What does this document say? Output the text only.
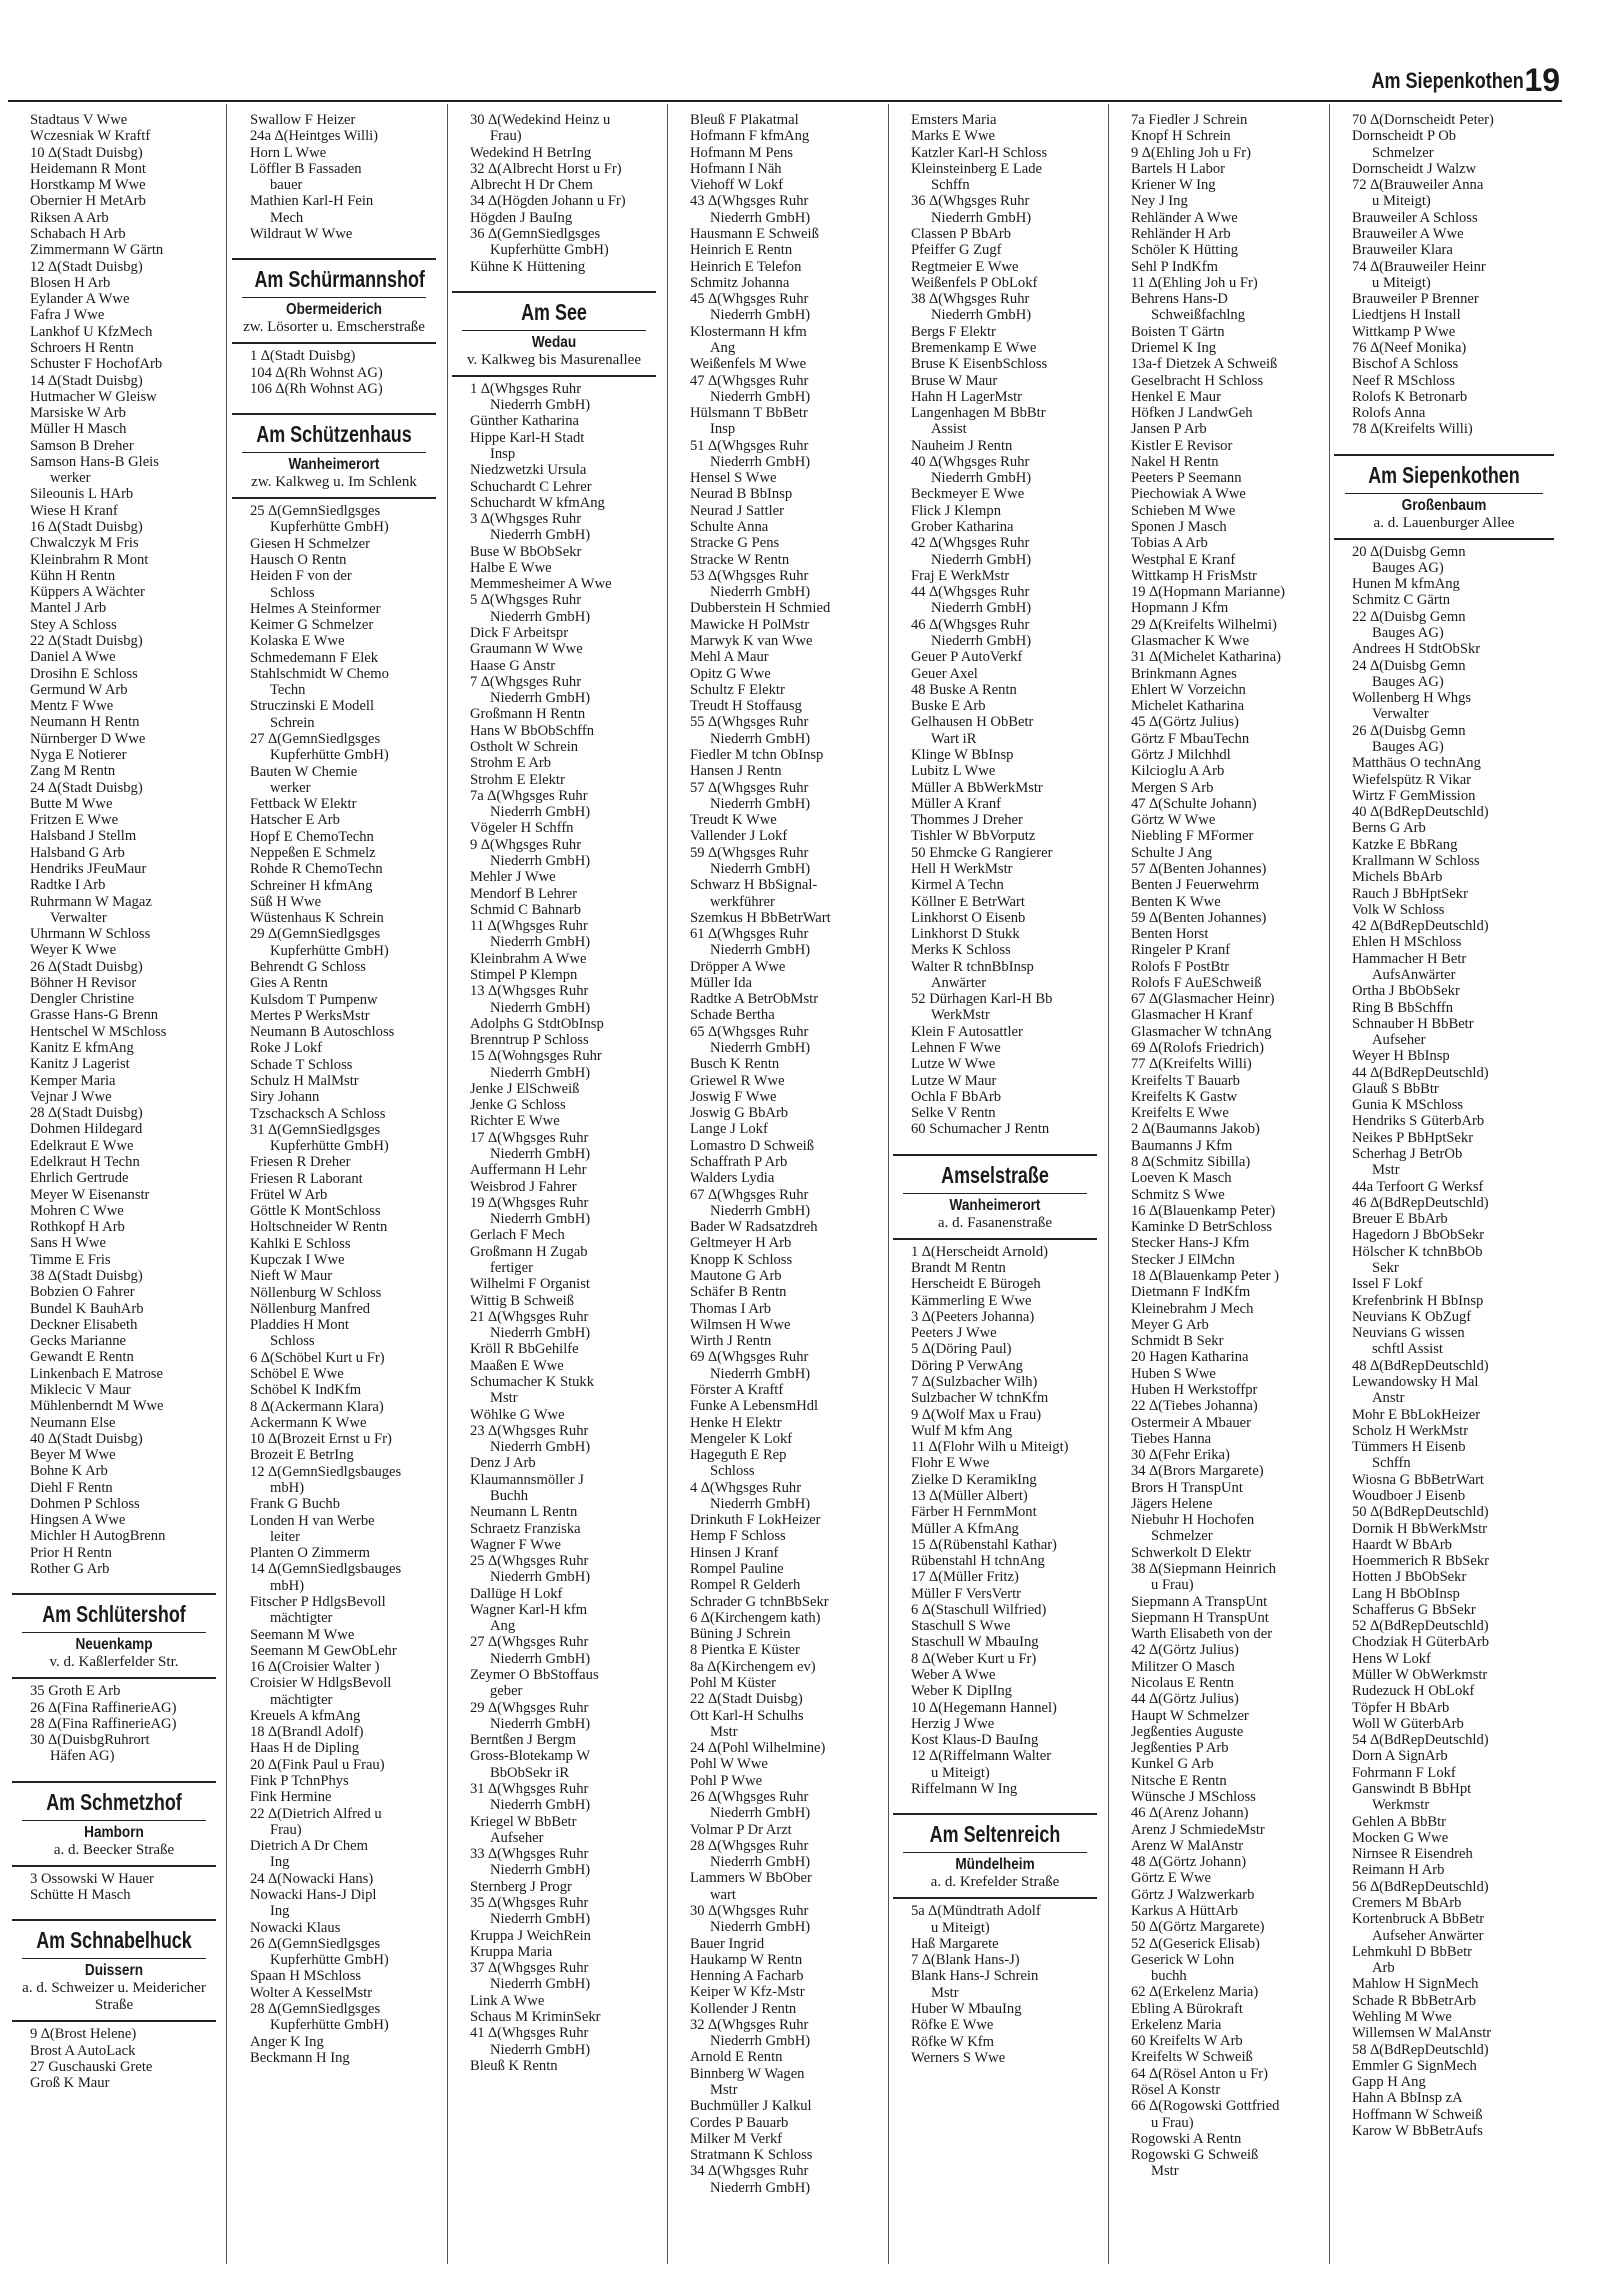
Am Siepenkothen 19
Stadtaus V Wwe
Wczesniak W Kraftf
10 ∆(Stadt Duisbg)
Heidemann R Mont
Horstkamp M Wwe
Obernier H MetArb
Riksen A Arb
Schabach H Arb
Zimmermann W Gärtn
12 ∆(Stadt Duisbg)
Blosen H Arb
Eylander A Wwe
Fafra J Wwe
Lankhof U KfzMech
Schroers H Rentn
Schuster F HochofArb
14 ∆(Stadt Duisbg)
Hutmacher W Gleisw
Marsiske W Arb
Müller H Masch
Samson B Dreher
Samson Hans-B Gleis
werker
Sileounis L HArb
Wiese H Kranf
16 ∆(Stadt Duisbg)
Chwalczyk M Fris
Kleinbrahm R Mont
Kühn H Rentn
Küppers A Wächter
Mantel J Arb
Stey A Schloss
22 ∆(Stadt Duisbg)
Daniel A Wwe
Drosihn E Schloss
Germund W Arb
Mentz F Wwe
Neumann H Rentn
Nürnberger D Wwe
Nyga E Notierer
Zang M Rentn
24 ∆(Stadt Duisbg)
Butte M Wwe
Fritzen E Wwe
Halsband J Stellm
Halsband G Arb
Hendriks JFeuMaur
Radtke I Arb
Ruhrmann W Magaz
Verwalter
Uhrmann W Schloss
Weyer K Wwe
26 ∆(Stadt Duisbg)
Böhner H Revisor
Dengler Christine
Grasse Hans-G Brenn
Hentschel W MSchloss
Kanitz E kfmAng
Kanitz J Lagerist
Kemper Maria
Vejnar J Wwe
28 ∆(Stadt Duisbg)
Dohmen Hildegard
Edelkraut E Wwe
Edelkraut H Techn
Ehrlich Gertrude
Meyer W Eisenanstr
Mohren C Wwe
Rothkopf H Arb
Sans H Wwe
Timme E Fris
38 ∆(Stadt Duisbg)
Bobzien O Fahrer
Bundel K BauhArb
Deckner Elisabeth
Gecks Marianne
Gewandt E Rentn
Linkenbach E Matrose
Miklecic V Maur
Mühlenberndt M Wwe
Neumann Else
40 ∆(Stadt Duisbg)
Beyer M Wwe
Bohne K Arb
Diehl F Rentn
Dohmen P Schloss
Hingsen A Wwe
Michler H AutogBrenn
Prior H Rentn
Rother G Arb
Am Schlütershof
Neuenkamp
v. d. Kaßlerfelder Str.
35 Groth E Arb
26 ∆(Fina RaffinerieAG)
28 ∆(Fina RaffinerieAG)
30 ∆(DuisbgRuhrort
Häfen AG)
Am Schmetzhof
Hamborn
a. d. Beecker Straße
3 Ossowski W Hauer
Schütte H Masch
Am Schnabelhuck
Duissern
a. d. Schweizer u. Meidericher Straße
9 ∆(Brost Helene)
Brost A AutoLack
27 Guschauski Grete
Groß K Maur
Swallow F Heizer
24a ∆(Heintges Willi)
Horn L Wwe
Löffler B Fassaden
bauer
Mathien Karl-H Fein
Mech
Wildraut W Wwe
Am Schürmannshof
Obermeiderich
zw. Lösorter u. Emscherstraße
1 ∆(Stadt Duisbg)
104 ∆(Rh Wohnst AG)
106 ∆(Rh Wohnst AG)
Am Schützenhaus
Wanheimerort
zw. Kalkweg u. Im Schlenk
25 ∆(GemnSiedlgsges
Kupferhütte GmbH)
Giesen H Schmelzer
Hausch O Rentn
Heiden F von der
Schloss
Helmes A Steinformer
Keimer G Schmelzer
Kolaska E Wwe
Schmedemann F Elek
Stahlschmidt W Chemo
Techn
Struczinski E Modell
Schrein
27 ∆(GemnSiedlgsges
Kupferhütte GmbH)
Bauten W Chemie
werker
Fettback W Elektr
Hatscher E Arb
Hopf E ChemoTechn
Neppeßen E Schmelz
Rohde R ChemoTechn
Schreiner H kfmAng
Süß H Wwe
Wüstenhaus K Schrein
29 ∆(GemnSiedlgsges
Kupferhütte GmbH)
Behrendt G Schloss
Gies A Rentn
Kulsdom T Pumpenw
Mertes P WerksMstr
Neumann B Autoschloss
Roke J Lokf
Schade T Schloss
Schulz H MalMstr
Siry Johann
Tzschacksch A Schloss
31 ∆(GemnSiedlgsges
Kupferhütte GmbH)
Friesen R Dreher
Friesen R Laborant
Frütel W Arb
Göttle K MontSchloss
Holtschneider W Rentn
Kahlki E Schloss
Kupczak I Wwe
Nieft W Maur
Nöllenburg W Schloss
Nöllenburg Manfred
Pladdies H Mont
Schloss
6 ∆(Schöbel Kurt u Fr)
Schöbel E Wwe
Schöbel K IndKfm
8 ∆(Ackermann Klara)
Ackermann K Wwe
10 ∆(Brozeit Ernst u Fr)
Brozeit E BetrIng
12 ∆(GemnSiedlgsbauges
mbH)
Frank G Buchb
Londen H van Werbe
leiter
Planten O Zimmerm
14 ∆(GemnSiedlgsbauges
mbH)
Fitscher P HdlgsBevoll
mächtigter
Seemann M Wwe
Seemann M GewObLehr
16 ∆(Croisier Walter )
Croisier W HdlgsBevoll
mächtigter
Kreuels A kfmAng
18 ∆(Brandl Adolf)
Haas H de Dipling
20 ∆(Fink Paul u Frau)
Fink P TchnPhys
Fink Hermine
22 ∆(Dietrich Alfred u
Frau)
Dietrich A Dr Chem
Ing
24 ∆(Nowacki Hans)
Nowacki Hans-J Dipl
Ing
Nowacki Klaus
26 ∆(GemnSiedlgsges
Kupferhütte GmbH)
Spaan H MSchloss
Wolter A KesselMstr
28 ∆(GemnSiedlgsges
Kupferhütte GmbH)
Anger K Ing
Beckmann H Ing
30 ∆(Wedekind Heinz u
Frau)
Wedekind H BetrIng
32 ∆(Albrecht Horst u Fr)
Albrecht H Dr Chem
34 ∆(Högden Johann u Fr)
Högden J BauIng
36 ∆(GemnSiedlgsges
Kupferhütte GmbH)
Kühne K Hüttening
Am See
Wedau
v. Kalkweg bis Masurenallee
1 ∆(Whgsges Ruhr
Niederrh GmbH)
Günther Katharina
Hippe Karl-H Stadt
Insp
Niedzwetzki Ursula
Schuchardt C Lehrer
Schuchardt W kfmAng
3 ∆(Whgsges Ruhr
Niederrh GmbH)
Buse W BbObSekr
Halbe E Wwe
Memmesheimer A Wwe
5 ∆(Whgsges Ruhr
Niederrh GmbH)
Dick F Arbeitspr
Graumann W Wwe
Haase G Anstr
7 ∆(Whgsges Ruhr
Niederrh GmbH)
Großmann H Rentn
Hans W BbObSchffn
Ostholt W Schrein
Strohm E Arb
Strohm E Elektr
7a ∆(Whgsges Ruhr
Niederrh GmbH)
Vögeler H Schffn
9 ∆(Whgsges Ruhr
Niederrh GmbH)
Mehler J Wwe
Mendorf B Lehrer
Schmid C Bahnarb
11 ∆(Whgsges Ruhr
Niederrh GmbH)
Kleinbrahm A Wwe
Stimpel P Klempn
13 ∆(Whgsges Ruhr
Niederrh GmbH)
Adolphs G StdtObInsp
Brenntrup P Schloss
15 ∆(Wohngsges Ruhr
Niederrh GmbH)
Jenke J ElSchweiß
Jenke G Schloss
Richter E Wwe
17 ∆(Whgsges Ruhr
Niederrh GmbH)
Auffermann H Lehr
Weisbrod J Fahrer
19 ∆(Whgsges Ruhr
Niederrh GmbH)
Gerlach F Mech
Großmann H Zugab
fertiger
Wilhelmi F Organist
Wittig B Schweiß
21 ∆(Whgsges Ruhr
Niederrh GmbH)
Kröll R BbGehilfe
Maaßen E Wwe
Schumacher K Stukk
Mstr
Wöhlke G Wwe
23 ∆(Whgsges Ruhr
Niederrh GmbH)
Denz J Arb
Klaumannsmöller J
Buchh
Neumann L Rentn
Schraetz Franziska
Wagner F Wwe
25 ∆(Whgsges Ruhr
Niederrh GmbH)
Dallüge H Lokf
Wagner Karl-H kfm
Ang
27 ∆(Whgsges Ruhr
Niederrh GmbH)
Zeymer O BbStoffaus
geber
29 ∆(Whgsges Ruhr
Niederrh GmbH)
Berntßen J Bergm
Gross-Blotekamp W
BbObSekr iR
31 ∆(Whgsges Ruhr
Niederrh GmbH)
Kriegel W BbBetr
Aufseher
33 ∆(Whgsges Ruhr
Niederrh GmbH)
Sternberg J Progr
35 ∆(Whgsges Ruhr
Niederrh GmbH)
Kruppa J WeichRein
Kruppa Maria
37 ∆(Whgsges Ruhr
Niederrh GmbH)
Link A Wwe
Schaus M KriminSekr
41 ∆(Whgsges Ruhr
Niederrh GmbH)
Bleuß K Rentn
Bleuß F Plakatmal
Hofmann F kfmAng
Hofmann M Pens
Hofmann I Näh
Viehoff W Lokf
43 ∆(Whgsges Ruhr
Niederrh GmbH)
Hausmann E Schweiß
Heinrich E Rentn
Heinrich E Telefon
Schmitz Johanna
45 ∆(Whgsges Ruhr
Niederrh GmbH)
Klostermann H kfm
Ang
Weißenfels M Wwe
47 ∆(Whgsges Ruhr
Niederrh GmbH)
Hülsmann T BbBetr
Insp
51 ∆(Whgsges Ruhr
Niederrh GmbH)
Hensel S Wwe
Neurad B BbInsp
Neurad J Sattler
Schulte Anna
Stracke G Pens
Stracke W Rentn
53 ∆(Whgsges Ruhr
Niederrh GmbH)
Dubberstein H Schmied
Mawicke H PolMstr
Marwyk K van Wwe
Mehl A Maur
Opitz G Wwe
Schultz F Elektr
Treudt H Stoffausg
55 ∆(Whgsges Ruhr
Niederrh GmbH)
Fiedler M tchn ObInsp
Hansen J Rentn
57 ∆(Whgsges Ruhr
Niederrh GmbH)
Treudt K Wwe
Vallender J Lokf
59 ∆(Whgsges Ruhr
Niederrh GmbH)
Schwarz H BbSignal-
werkführer
Szemkus H BbBetrWart
61 ∆(Whgsges Ruhr
Niederrh GmbH)
Dröpper A Wwe
Müller Ida
Radtke A BetrObMstr
Schade Bertha
65 ∆(Whgsges Ruhr
Niederrh GmbH)
Busch K Rentn
Griewel R Wwe
Joswig F Wwe
Joswig G BbArb
Lange J Lokf
Lomastro D Schweiß
Schaffrath P Arb
Walders Lydia
67 ∆(Whgsges Ruhr
Niederrh GmbH)
Bader W Radsatzdreh
Geltmeyer H Arb
Knopp K Schloss
Mautone G Arb
Schäfer B Rentn
Thomas I Arb
Wilmsen H Wwe
Wirth J Rentn
69 ∆(Whgsges Ruhr
Niederrh GmbH)
Förster A Kraftf
Funke A LebensmHdl
Henke H Elektr
Mengeler K Lokf
Hageguth E Rep
Schloss
4 ∆(Whgsges Ruhr
Niederrh GmbH)
Drinkuth F LokHeizer
Hemp F Schloss
Hinsen J Kranf
Rompel Pauline
Rompel R Gelderh
Schrader G tchnBbSekr
6 ∆(Kirchengem kath)
Büning J Schrein
8 Pientka E Küster
8a ∆(Kirchengem ev)
Pohl M Küster
22 ∆(Stadt Duisbg)
Ott Karl-H Schulhs
Mstr
24 ∆(Pohl Wilhelmine)
Pohl W Wwe
Pohl P Wwe
26 ∆(Whgsges Ruhr
Niederrh GmbH)
Volmar P Dr Arzt
28 ∆(Whgsges Ruhr
Niederrh GmbH)
Lammers W BbOber
wart
30 ∆(Whgsges Ruhr
Niederrh GmbH)
Bauer Ingrid
Haukamp W Rentn
Henning A Facharb
Keiper W Kfz-Mstr
Kollender J Rentn
32 ∆(Whgsges Ruhr
Niederrh GmbH)
Arnold E Rentn
Binnberg W Wagen
Mstr
Buchmüller J Kalkul
Cordes P Bauarb
Milker M Verkf
Stratmann K Schloss
34 ∆(Whgsges Ruhr
Niederrh GmbH)
Emsters Maria
Marks E Wwe
Katzler Karl-H Schloss
Kleinsteinberg E Lade
Schffn
36 ∆(Whgsges Ruhr
Niederrh GmbH)
Classen P BbArb
Pfeiffer G Zugf
Regtmeier E Wwe
Weißenfels P ObLokf
38 ∆(Whgsges Ruhr
Niederrh GmbH)
Bergs F Elektr
Bremenkamp E Wwe
Bruse K EisenbSchloss
Bruse W Maur
Hahn H LagerMstr
Langenhagen M BbBtr
Assist
Nauheim J Rentn
40 ∆(Whgsges Ruhr
Niederrh GmbH)
Beckmeyer E Wwe
Flick J Klempn
Grober Katharina
42 ∆(Whgsges Ruhr
Niederrh GmbH)
Fraj E WerkMstr
44 ∆(Whgsges Ruhr
Niederrh GmbH)
46 ∆(Whgsges Ruhr
Niederrh GmbH)
Geuer P AutoVerkf
Geuer Axel
48 Buske A Rentn
Buske E Arb
Gelhausen H ObBetr
Wart iR
Klinge W BbInsp
Lubitz L Wwe
Müller A BbWerkMstr
Müller A Kranf
Thommes J Dreher
Tishler W BbVorputz
50 Ehmcke G Rangierer
Hell H WerkMstr
Kirmel A Techn
Köllner E BetrWart
Linkhorst O Eisenb
Linkhorst D Stukk
Merks K Schloss
Walter R tchnBbInsp
Anwärter
52 Dürhagen Karl-H Bb
WerkMstr
Klein F Autosattler
Lehnen F Wwe
Lutze W Wwe
Lutze W Maur
Ochla F BbArb
Selke V Rentn
60 Schumacher J Rentn
Amselstraße
Wanheimerort
a. d. Fasanenstraße
1 ∆(Herscheidt Arnold)
Brandt M Rentn
Herscheidt E Bürogeh
Kämmerling E Wwe
3 ∆(Peeters Johanna)
Peeters J Wwe
5 ∆(Döring Paul)
Döring P VerwAng
7 ∆(Sulzbacher Wilh)
Sulzbacher W tchnKfm
9 ∆(Wolf Max u Frau)
Wulf M kfm Ang
11 ∆(Flohr Wilh u Miteigt)
Flohr E Wwe
Zielke D KeramikIng
13 ∆(Müller Albert)
Färber H FernmMont
Müller A KfmAng
15 ∆(Rübenstahl Kathar)
Rübenstahl H tchnAng
17 ∆(Müller Fritz)
Müller F VersVertr
6 ∆(Staschull Wilfried)
Staschull S Wwe
Staschull W MbauIng
8 ∆(Weber Kurt u Fr)
Weber A Wwe
Weber K DiplIng
10 ∆(Hegemann Hannel)
Herzig J Wwe
Kost Klaus-D BauIng
12 ∆(Riffelmann Walter
u Miteigt)
Riffelmann W Ing
Am Seltenreich
Mündelheim
a. d. Krefelder Straße
5a ∆(Mündtrath Adolf
u Miteigt)
Haß Margarete
7 ∆(Blank Hans-J)
Blank Hans-J Schrein
Mstr
Huber W MbauIng
Röfke E Wwe
Röfke W Kfm
Werners S Wwe
7a Fiedler J Schrein
Knopf H Schrein
9 ∆(Ehling Joh u Fr)
Bartels H Labor
Kriener W Ing
Ney J Ing
Rehländer A Wwe
Rehländer H Arb
Schöler K Hütting
Sehl P IndKfm
11 ∆(Ehling Joh u Fr)
Behrens Hans-D
Schweißfachlng
Boisten T Gärtn
Driemel K Ing
13a-f Dietzek A Schweiß
Geselbracht H Schloss
Henkel E Maur
Höfken J LandwGeh
Jansen P Arb
Kistler E Revisor
Nakel H Rentn
Peeters P Seemann
Piechowiak A Wwe
Schieben M Wwe
Sponen J Masch
Tobias A Arb
Westphal E Kranf
Wittkamp H FrisMstr
19 ∆(Hopmann Marianne)
Hopmann J Kfm
29 ∆(Kreifelts Wilhelmi)
Glasmacher K Wwe
31 ∆(Michelet Katharina)
Brinkmann Agnes
Ehlert W Vorzeichn
Michelet Katharina
45 ∆(Görtz Julius)
Görtz F MbauTechn
Görtz J Milchhdl
Kilcioglu A Arb
Mergen S Arb
47 ∆(Schulte Johann)
Görtz W Wwe
Niebling F MFormer
Schulte J Ang
57 ∆(Benten Johannes)
Benten J Feuerwehrm
Benten K Wwe
59 ∆(Benten Johannes)
Benten Horst
Ringeler P Kranf
Rolofs F PostBtr
Rolofs F AuESchweiß
67 ∆(Glasmacher Heinr)
Glasmacher H Kranf
Glasmacher W tchnAng
69 ∆(Rolofs Friedrich)
77 ∆(Kreifelts Willi)
Kreifelts T Bauarb
Kreifelts K Gastw
Kreifelts E Wwe
2 ∆(Baumanns Jakob)
Baumanns J Kfm
8 ∆(Schmitz Sibilla)
Loeven K Masch
Schmitz S Wwe
16 ∆(Blauenkamp Peter)
Kaminke D BetrSchloss
Stecker Hans-J Kfm
Stecker J ElMchn
18 ∆(Blauenkamp Peter )
Dietmann F IndKfm
Kleinebrahm J Mech
Meyer G Arb
Schmidt B Sekr
20 Hagen Katharina
Huben S Wwe
Huben H Werkstoffpr
22 ∆(Tiebes Johanna)
Ostermeir A Mbauer
Tiebes Hanna
30 ∆(Fehr Erika)
34 ∆(Brors Margarete)
Brors H TranspUnt
Jägers Helene
Niebuhr H Hochofen
Schmelzer
Schwerkolt D Elektr
38 ∆(Siepmann Heinrich
u Frau)
Siepmann A TranspUnt
Siepmann H TranspUnt
Warth Elisabeth von der
42 ∆(Görtz Julius)
Militzer O Masch
Nicolaus E Rentn
44 ∆(Görtz Julius)
Haupt W Schmelzer
Jegßenties Auguste
Jegßenties P Arb
Kunkel G Arb
Nitsche E Rentn
Wünsche J MSchloss
46 ∆(Arenz Johann)
Arenz J SchmiedeMstr
Arenz W MalAnstr
48 ∆(Görtz Johann)
Görtz E Wwe
Görtz J Walzwerkarb
Karkus A HüttArb
50 ∆(Görtz Margarete)
52 ∆(Geserick Elisab)
Geserick W Lohn
buchh
62 ∆(Erkelenz Maria)
Ebling A Bürokraft
Erkelenz Maria
60 Kreifelts W Arb
Kreifelts W Schweiß
64 ∆(Rösel Anton u Fr)
Rösel A Konstr
66 ∆(Rogowski Gottfried
u Frau)
Rogowski A Rentn
Rogowski G Schweiß
Mstr
70 ∆(Dornscheidt Peter)
Dornscheidt P Ob
Schmelzer
Dornscheidt J Walzw
72 ∆(Brauweiler Anna
u Miteigt)
Brauweiler A Schloss
Brauweiler A Wwe
Brauweiler Klara
74 ∆(Brauweiler Heinr
u Miteigt)
Brauweiler P Brenner
Liedtjens H Install
Wittkamp P Wwe
76 ∆(Neef Monika)
Bischof A Schloss
Neef R MSchloss
Rolofs K Betronarb
Rolofs Anna
78 ∆(Kreifelts Willi)
Am Siepenkothen
Großenbaum
a. d. Lauenburger Allee
20 ∆(Duisbg Gemn
Bauges AG)
Hunen M kfmAng
Schmitz C Gärtn
22 ∆(Duisbg Gemn
Bauges AG)
Andrees H StdtObSkr
24 ∆(Duisbg Gemn
Bauges AG)
Wollenberg H Whgs
Verwalter
26 ∆(Duisbg Gemn
Bauges AG)
Matthäus O technAng
Wiefelspütz R Vikar
Wirtz F GemMission
40 ∆(BdRepDeutschld)
Berns G Arb
Katzke E BbRang
Krallmann W Schloss
Michels BbArb
Rauch J BbHptSekr
Volk W Schloss
42 ∆(BdRepDeutschld)
Ehlen H MSchloss
Hammacher H Betr
AufsAnwärter
Ortha J BbObSekr
Ring B BbSchffn
Schnauber H BbBetr
Aufseher
Weyer H BbInsp
44 ∆(BdRepDeutschld)
Glauß S BbBtr
Gunia K MSchloss
Hendriks S GüterbArb
Neikes P BbHptSekr
Scherhag J BetrOb
Mstr
44a Terfoort G Werksf
46 ∆(BdRepDeutschld)
Breuer E BbArb
Hagedorn J BbObSekr
Hölscher K tchnBbOb
Sekr
Issel F Lokf
Krefenbrink H BbInsp
Neuvians K ObZugf
Neuvians G wissen
schftl Assist
48 ∆(BdRepDeutschld)
Lewandowsky H Mal
Anstr
Mohr E BbLokHeizer
Scholz H WerkMstr
Tümmers H Eisenb
Schffn
Wiosna G BbBetrWart
Woudboer J Eisenb
50 ∆(BdRepDeutschld)
Dornik H BbWerkMstr
Haardt W BbArb
Hoemmerich R BbSekr
Hotten J BbObSekr
Lang H BbObInsp
Schafferus G BbSekr
52 ∆(BdRepDeutschld)
Chodziak H GüterbArb
Hens W Lokf
Müller W ObWerkmstr
Rudezuck H ObLokf
Töpfer H BbArb
Woll W GüterbArb
54 ∆(BdRepDeutschld)
Dorn A SignArb
Fohrmann F Lokf
Ganswindt B BbHpt
Werkmstr
Gehlen A BbBtr
Mocken G Wwe
Nirnsee R Eisendreh
Reimann H Arb
56 ∆(BdRepDeutschld)
Cremers M BbArb
Kortenbruck A BbBetr
Aufseher Anwärter
Lehmkuhl D BbBetr
Arb
Mahlow H SignMech
Schade R BbBetrArb
Wehling M Wwe
Willemsen W MalAnstr
58 ∆(BdRepDeutschld)
Emmler G SignMech
Gapp H Ang
Hahn A BbInsp zA
Hoffmann W Schweiß
Karow W BbBetrAufs
